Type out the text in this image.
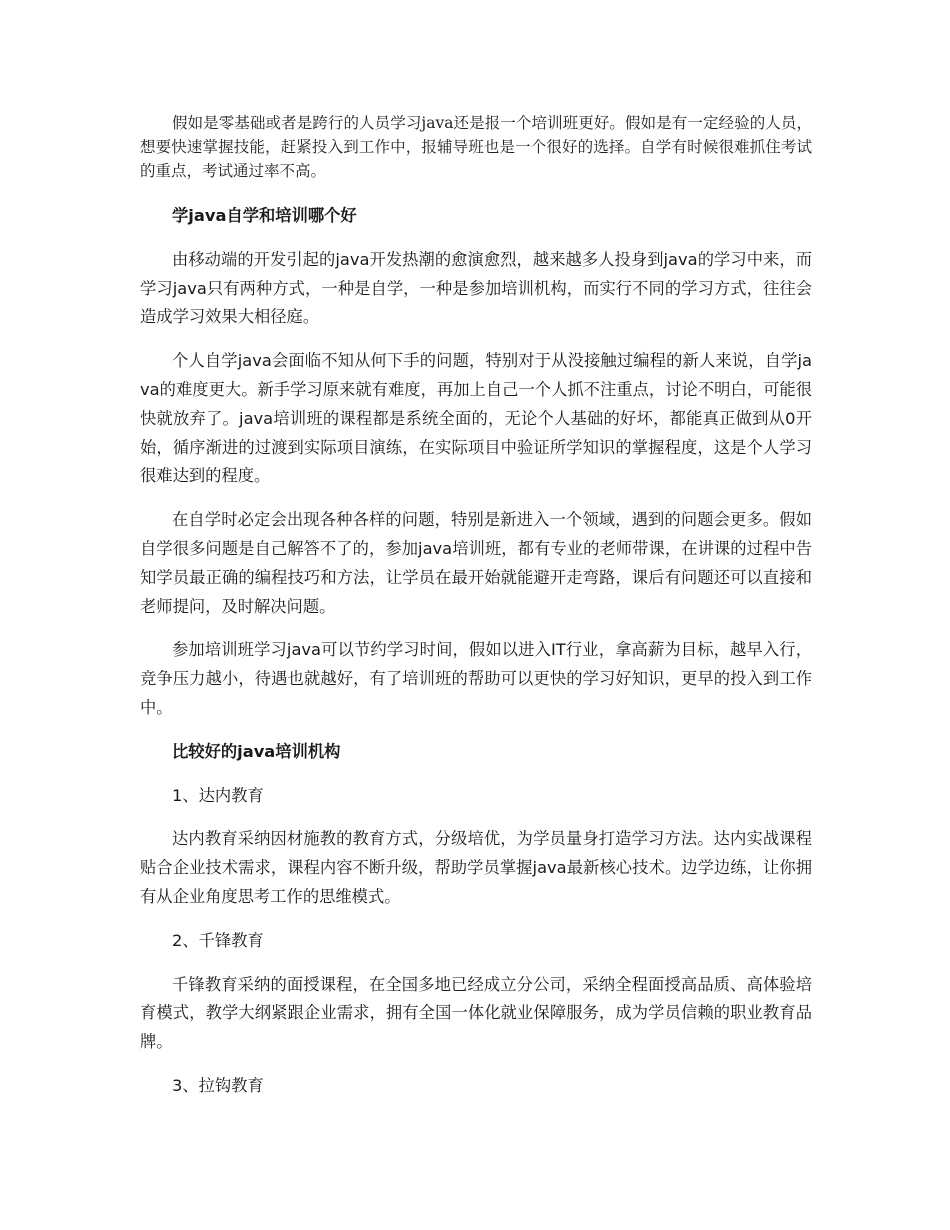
假如是零基础或者是跨行的人员学习java还是报一个培训班更好。假如是有一定经验的人员，想要快速掌握技能，赶紧投入到工作中，报辅导班也是一个很好的选择。自学有时候很难抓住考试的重点，考试通过率不高。

学java自学和培训哪个好

由移动端的开发引起的java开发热潮的愈演愈烈，越来越多人投身到java的学习中来，而学习java只有两种方式，一种是自学，一种是参加培训机构，而实行不同的学习方式，往往会造成学习效果大相径庭。

个人自学java会面临不知从何下手的问题，特别对于从没接触过编程的新人来说，自学java的难度更大。新手学习原来就有难度，再加上自己一个人抓不注重点，讨论不明白，可能很快就放弃了。java培训班的课程都是系统全面的，无论个人基础的好坏，都能真正做到从0开始，循序渐进的过渡到实际项目演练，在实际项目中验证所学知识的掌握程度，这是个人学习很难达到的程度。

在自学时必定会出现各种各样的问题，特别是新进入一个领域，遇到的问题会更多。假如自学很多问题是自己解答不了的，参加java培训班，都有专业的老师带课，在讲课的过程中告知学员最正确的编程技巧和方法，让学员在最开始就能避开走弯路，课后有问题还可以直接和老师提问，及时解决问题。

参加培训班学习java可以节约学习时间，假如以进入IT行业，拿高薪为目标，越早入行，竞争压力越小，待遇也就越好，有了培训班的帮助可以更快的学习好知识，更早的投入到工作中。

比较好的java培训机构

1、达内教育

达内教育采纳因材施教的教育方式，分级培优，为学员量身打造学习方法。达内实战课程贴合企业技术需求，课程内容不断升级，帮助学员掌握java最新核心技术。边学边练，让你拥有从企业角度思考工作的思维模式。

2、千锋教育

千锋教育采纳的面授课程，在全国多地已经成立分公司，采纳全程面授高品质、高体验培育模式，教学大纲紧跟企业需求，拥有全国一体化就业保障服务，成为学员信赖的职业教育品牌。

3、拉钩教育
